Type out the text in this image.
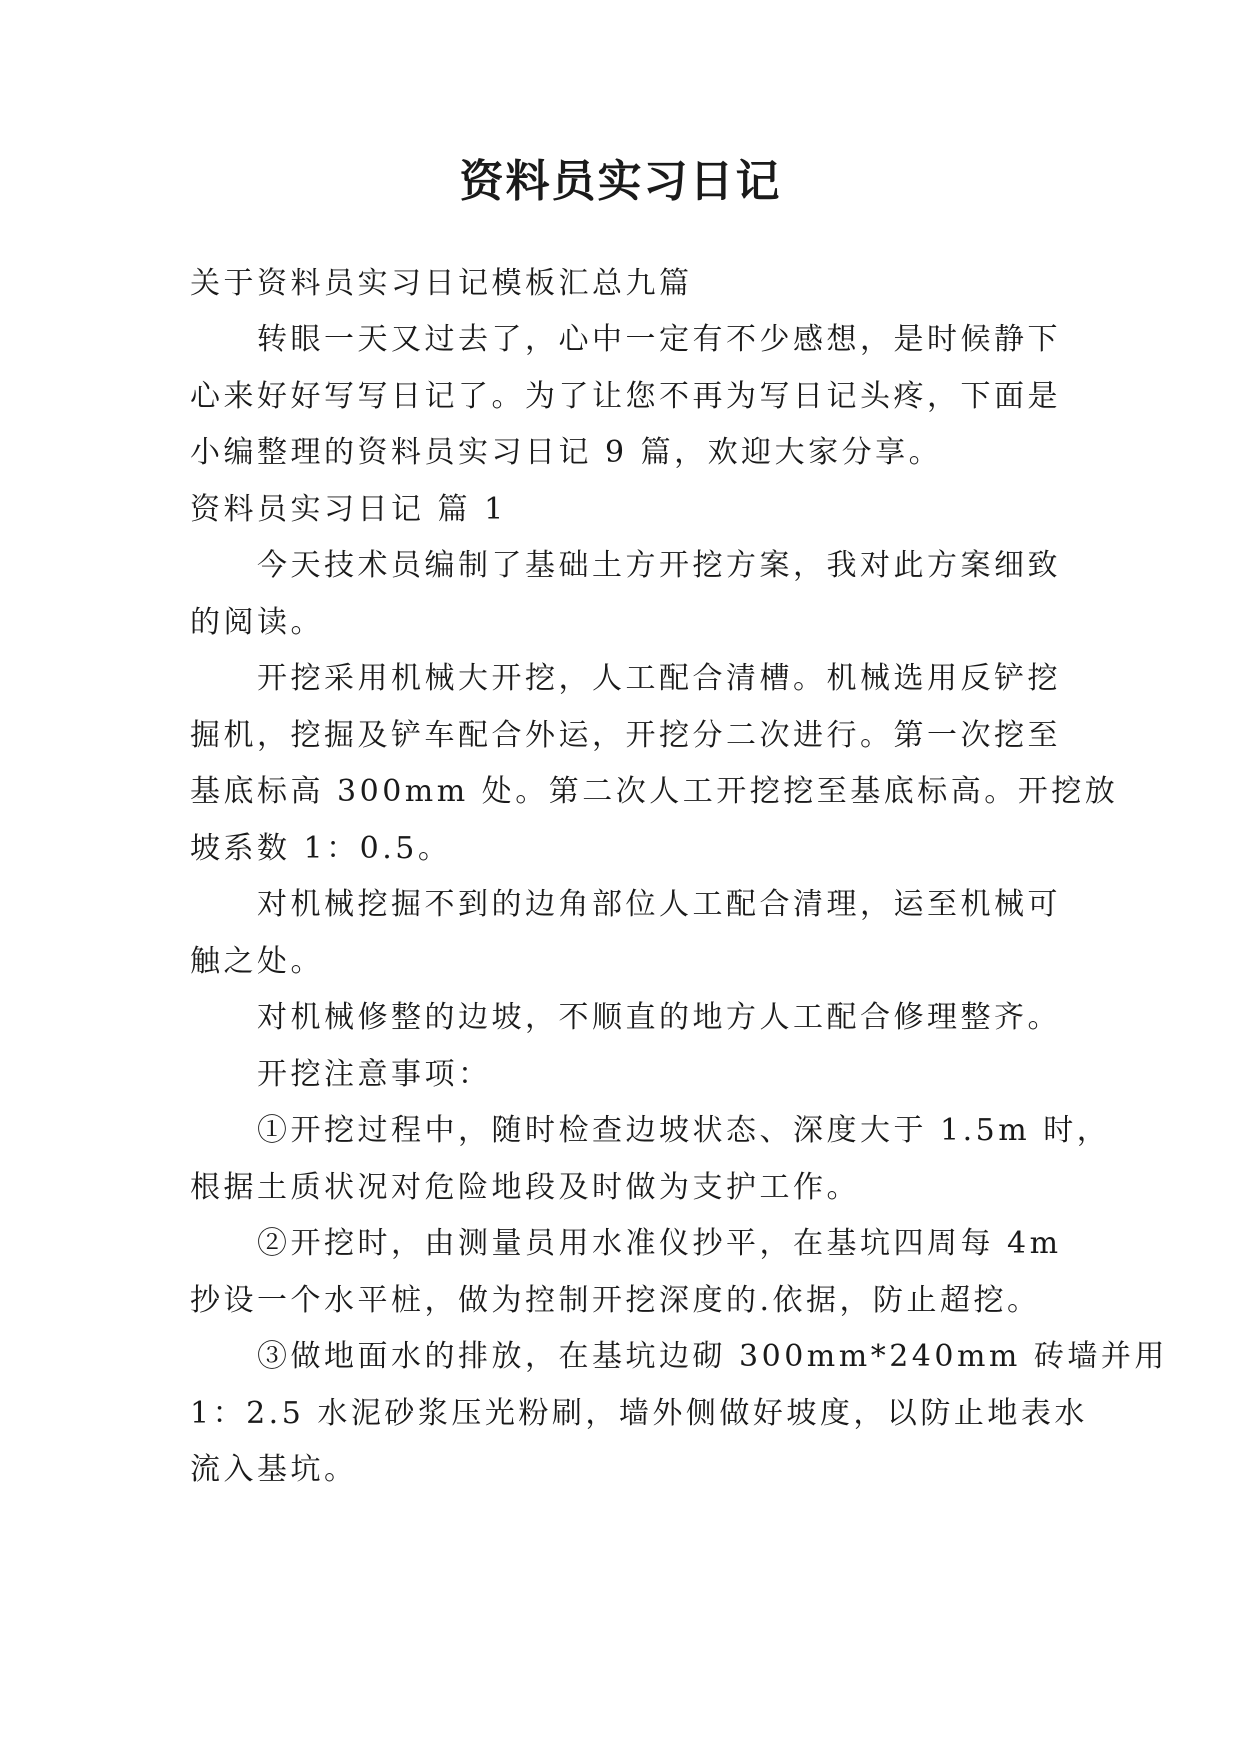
资料员实习日记
关于资料员实习日记模板汇总九篇
转眼一天又过去了，心中一定有不少感想，是时候静下
心来好好写写日记了。为了让您不再为写日记头疼，下面是
小编整理的资料员实习日记 9 篇，欢迎大家分享。
资料员实习日记 篇 1
今天技术员编制了基础土方开挖方案，我对此方案细致
的阅读。
开挖采用机械大开挖，人工配合清槽。机械选用反铲挖
掘机，挖掘及铲车配合外运，开挖分二次进行。第一次挖至
基底标高 300mm 处。第二次人工开挖挖至基底标高。开挖放
坡系数 1：0.5。
对机械挖掘不到的边角部位人工配合清理，运至机械可
触之处。
对机械修整的边坡，不顺直的地方人工配合修理整齐。
开挖注意事项：
①开挖过程中，随时检查边坡状态、深度大于 1.5m 时，
根据土质状况对危险地段及时做为支护工作。
②开挖时，由测量员用水准仪抄平，在基坑四周每 4m
抄设一个水平桩，做为控制开挖深度的.依据，防止超挖。
③做地面水的排放，在基坑边砌 300mm*240mm 砖墙并用
1：2.5 水泥砂浆压光粉刷，墙外侧做好坡度，以防止地表水
流入基坑。
